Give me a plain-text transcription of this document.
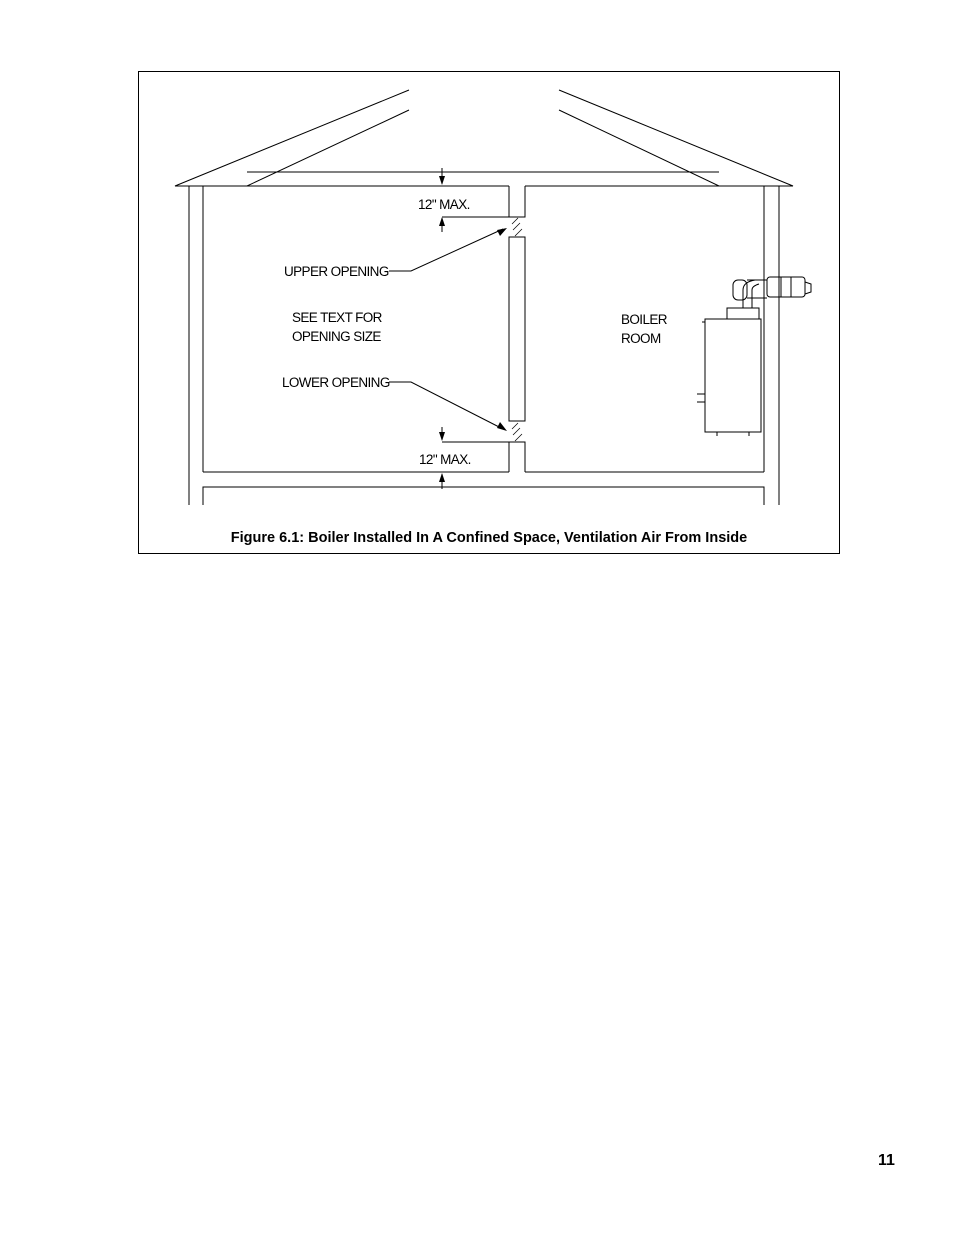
12" MAX.
12" MAX.
UPPER OPENING
LOWER OPENING
SEE TEXT FOR
OPENING SIZE
BOILER
ROOM
Figure 6.1: Boiler Installed In A Confined Space, Ventilation Air From Inside
11
